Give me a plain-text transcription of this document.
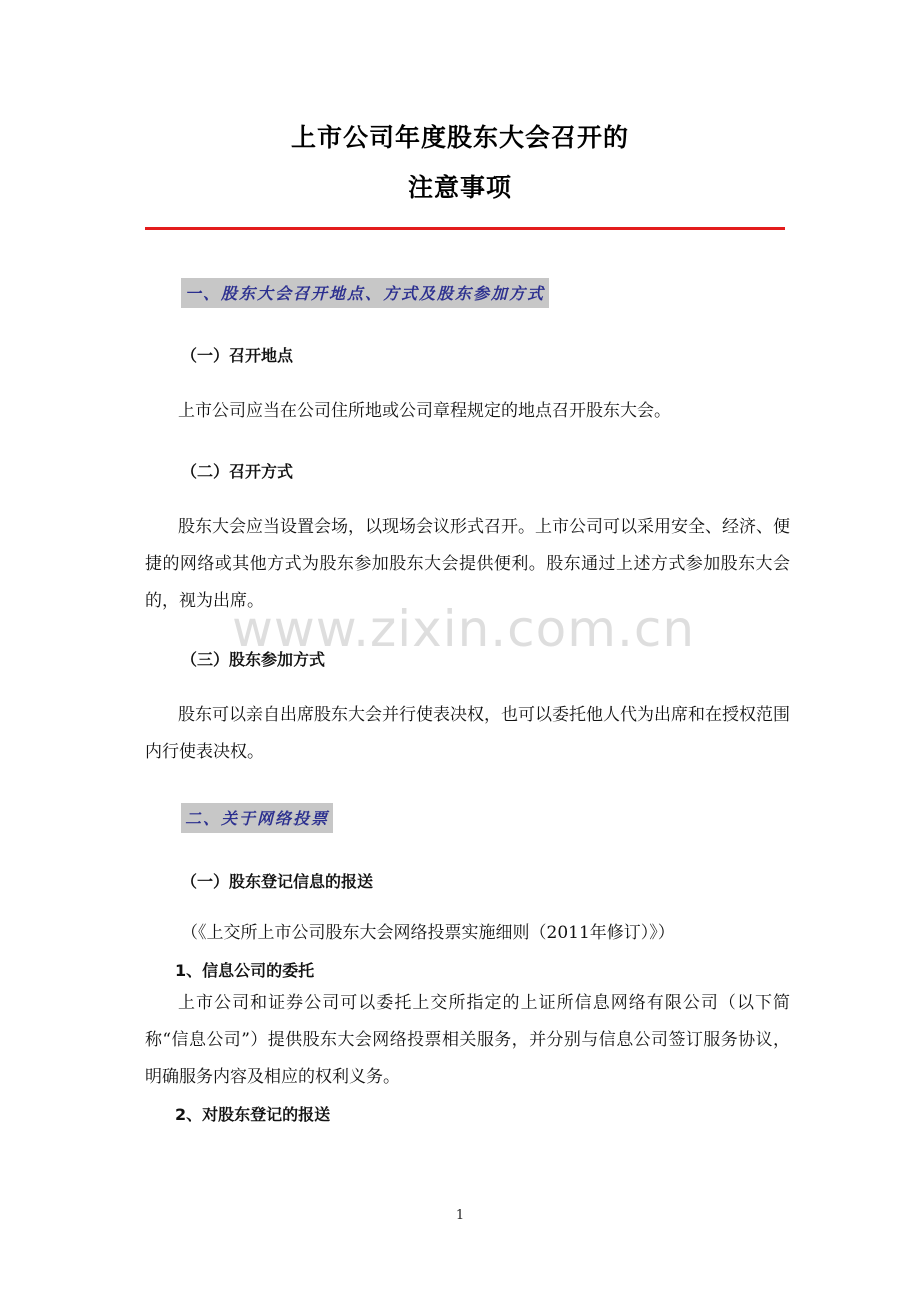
上市公司年度股东大会召开的
注意事项
一、股东大会召开地点、方式及股东参加方式
（一）召开地点
上市公司应当在公司住所地或公司章程规定的地点召开股东大会。
（二）召开方式
股东大会应当设置会场，以现场会议形式召开。上市公司可以采用安全、经济、便捷的网络或其他方式为股东参加股东大会提供便利。股东通过上述方式参加股东大会的，视为出席。
www.zixin.com.cn
（三）股东参加方式
股东可以亲自出席股东大会并行使表决权，也可以委托他人代为出席和在授权范围内行使表决权。
二、关于网络投票
（一）股东登记信息的报送
（《上交所上市公司股东大会网络投票实施细则（2011年修订）》）
1、信息公司的委托
上市公司和证券公司可以委托上交所指定的上证所信息网络有限公司（以下简称“信息公司”）提供股东大会网络投票相关服务，并分别与信息公司签订服务协议，明确服务内容及相应的权利义务。
2、对股东登记的报送
1
